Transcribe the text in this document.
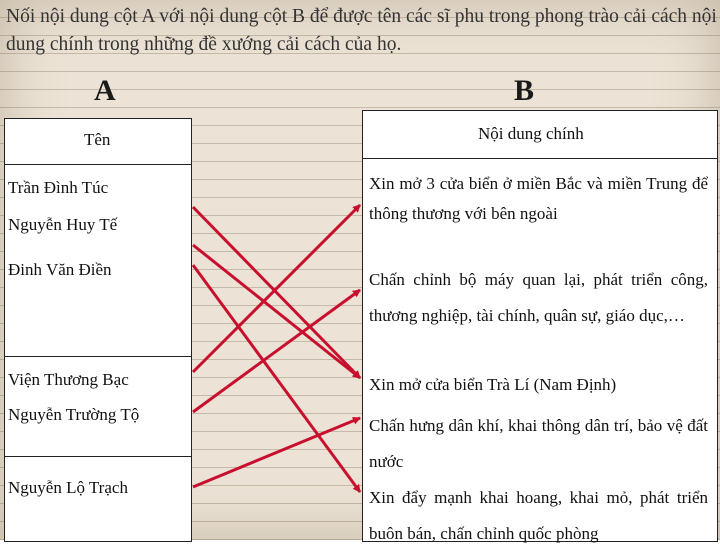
Nối nội dung cột A với nội dung cột B để được tên các sĩ phu trong phong trào cải cách nội dung chính trong những đề xướng cải cách của họ.

A	B
Tên
Trần Đình Túc
Nguyễn Huy Tế
Đinh Văn Điền
Viện Thương Bạc
Nguyễn Trường Tộ
Nguyễn Lộ Trạch
Nội dung chính
Xin mở 3 cửa biển ở miền Bắc và miền Trung để thông thương với bên ngoài
Chấn chỉnh bộ máy quan lại, phát triển công, thương nghiệp, tài chính, quân sự, giáo dục,…
Xin mở cửa biển Trà Lí (Nam Định)
Chấn hưng dân khí, khai thông dân trí, bảo vệ đất nước
Xin đẩy mạnh khai hoang, khai mỏ, phát triển buôn bán, chấn chỉnh quốc phòng
